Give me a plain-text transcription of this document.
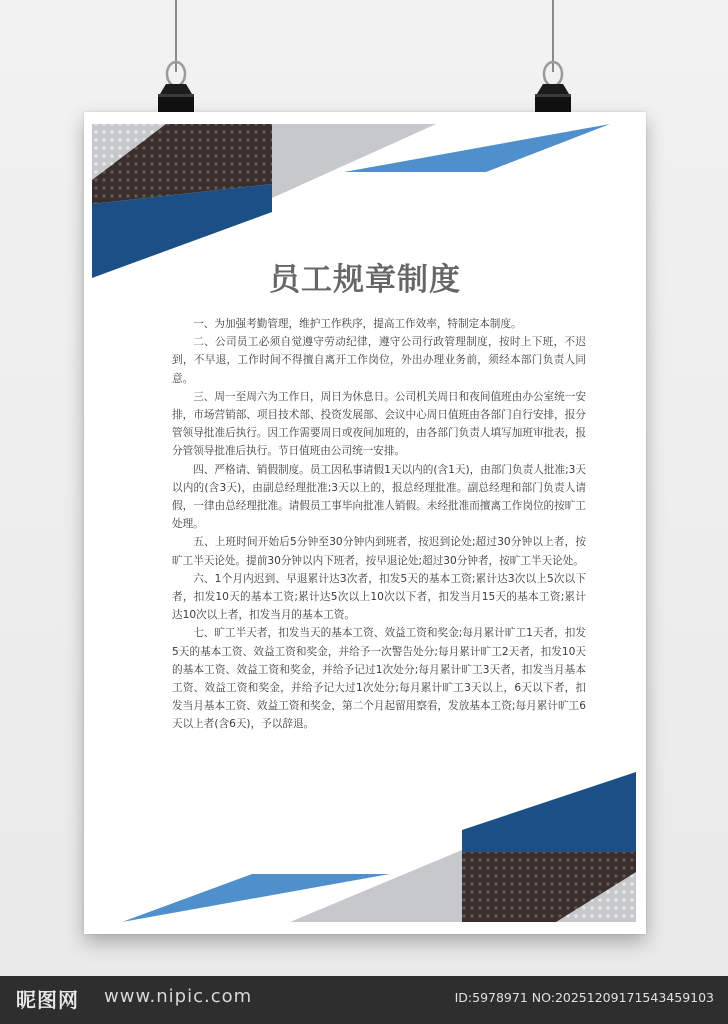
员工规章制度

一、为加强考勤管理，维护工作秩序，提高工作效率，特制定本制度。

二、公司员工必须自觉遵守劳动纪律，遵守公司行政管理制度，按时上下班，不迟到，不早退，工作时间不得擅自离开工作岗位，外出办理业务前，须经本部门负责人同意。

三、周一至周六为工作日，周日为休息日。公司机关周日和夜间值班由办公室统一安排，市场营销部、项目技术部、投资发展部、会议中心周日值班由各部门自行安排，报分管领导批准后执行。因工作需要周日或夜间加班的，由各部门负责人填写加班审批表，报分管领导批准后执行。节日值班由公司统一安排。

四、严格请、销假制度。员工因私事请假1天以内的(含1天)，由部门负责人批准;3天以内的(含3天)，由副总经理批准;3天以上的，报总经理批准。副总经理和部门负责人请假，一律由总经理批准。请假员工事毕向批准人销假。未经批准而擅离工作岗位的按旷工处理。

五、上班时间开始后5分钟至30分钟内到班者，按迟到论处;超过30分钟以上者，按旷工半天论处。提前30分钟以内下班者，按早退论处;超过30分钟者，按旷工半天论处。

六、1个月内迟到、早退累计达3次者，扣发5天的基本工资;累计达3次以上5次以下者，扣发10天的基本工资;累计达5次以上10次以下者，扣发当月15天的基本工资;累计达10次以上者，扣发当月的基本工资。

七、旷工半天者，扣发当天的基本工资、效益工资和奖金;每月累计旷工1天者，扣发5天的基本工资、效益工资和奖金，并给予一次警告处分;每月累计旷工2天者，扣发10天的基本工资、效益工资和奖金，并给予记过1次处分;每月累计旷工3天者，扣发当月基本工资、效益工资和奖金，并给予记大过1次处分;每月累计旷工3天以上，6天以下者，扣发当月基本工资、效益工资和奖金，第二个月起留用察看，发放基本工资;每月累计旷工6天以上者(含6天)，予以辞退。

昵图网 www.nipic.com	ID:5978971 NO:20251209171543459103
